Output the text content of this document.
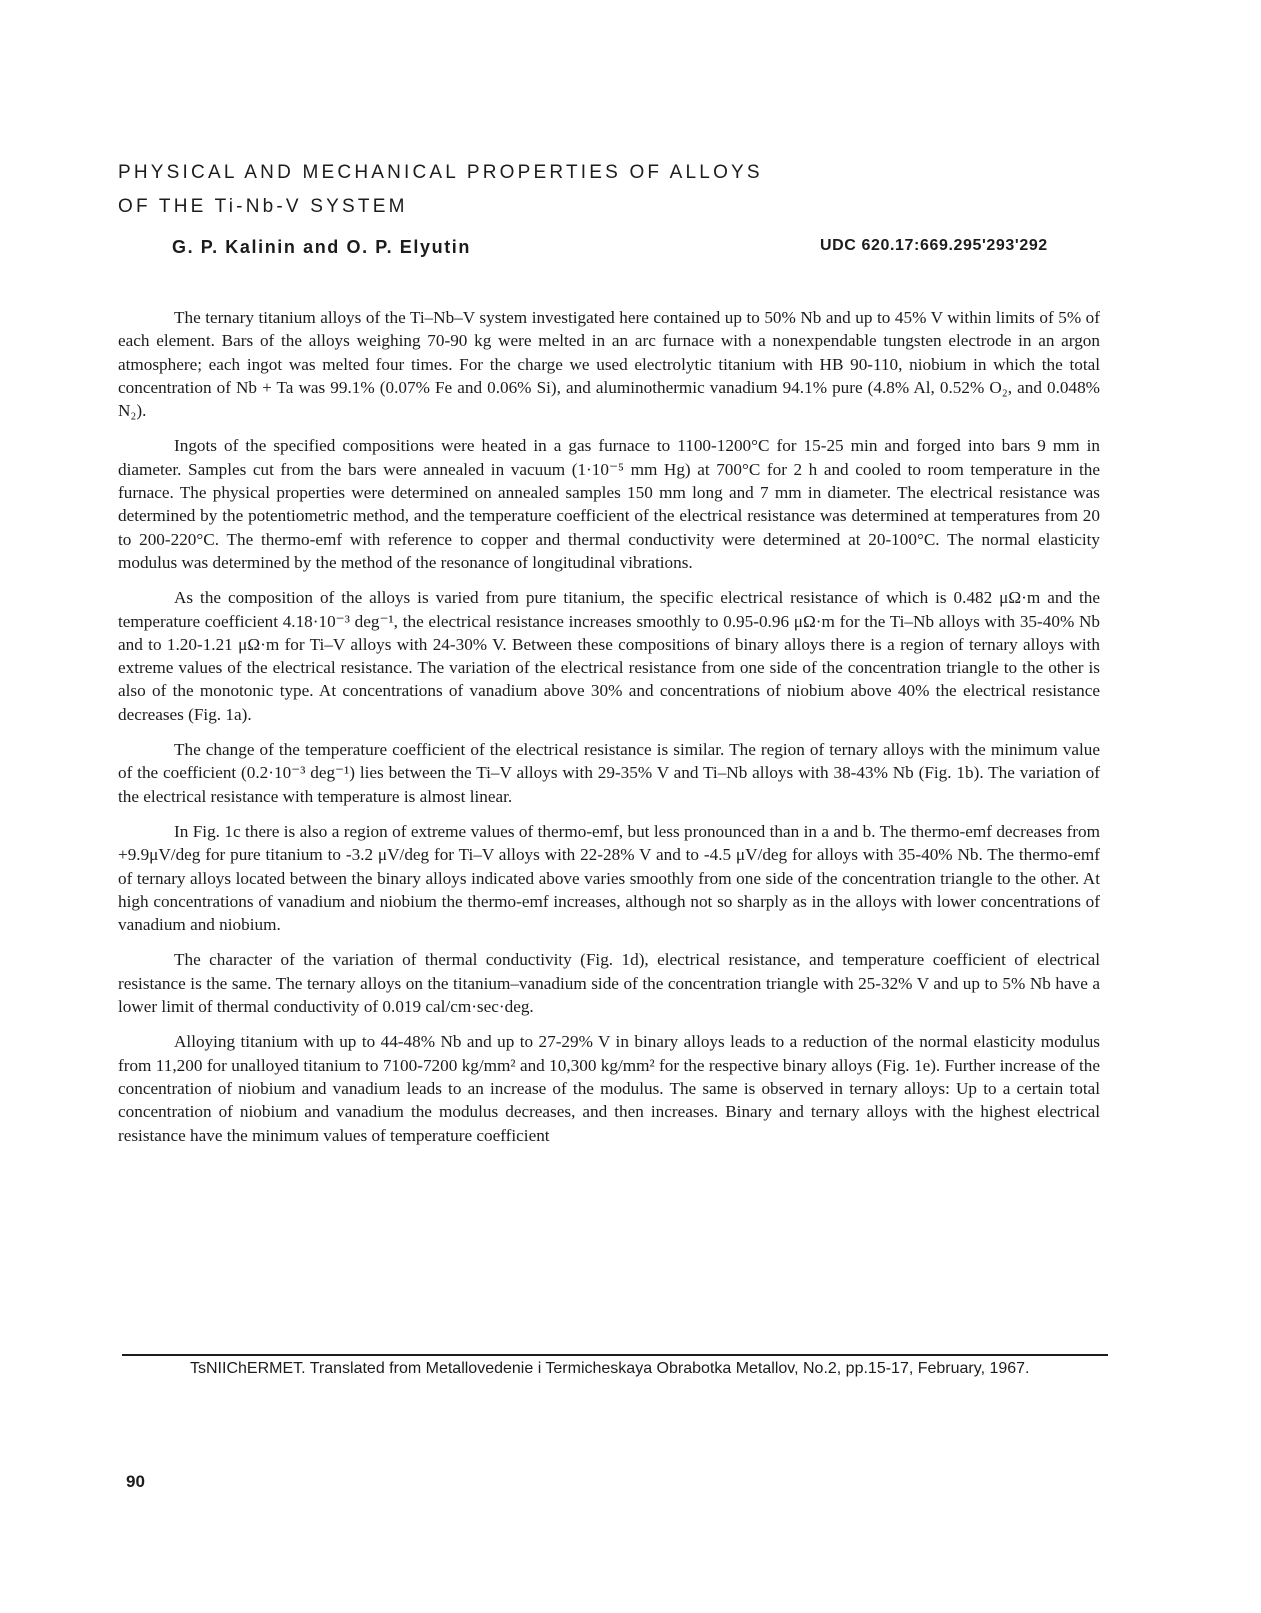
PHYSICAL AND MECHANICAL PROPERTIES OF ALLOYS
OF THE Ti-Nb-V SYSTEM
G. P. Kalinin and O. P. Elyutin	UDC 620.17:669.295'293'292

The ternary titanium alloys of the Ti–Nb–V system investigated here contained up to 50% Nb and up to 45% V within limits of 5% of each element. Bars of the alloys weighing 70-90 kg were melted in an arc furnace with a nonexpendable tungsten electrode in an argon atmosphere; each ingot was melted four times. For the charge we used electrolytic titanium with HB 90-110, niobium in which the total concentration of Nb + Ta was 99.1% (0.07% Fe and 0.06% Si), and aluminothermic vanadium 94.1% pure (4.8% Al, 0.52% O₂, and 0.048% N₂).

Ingots of the specified compositions were heated in a gas furnace to 1100-1200°C for 15-25 min and forged into bars 9 mm in diameter. Samples cut from the bars were annealed in vacuum (1·10⁻⁵ mm Hg) at 700°C for 2 h and cooled to room temperature in the furnace. The physical properties were determined on annealed samples 150 mm long and 7 mm in diameter. The electrical resistance was determined by the potentiometric method, and the temperature coefficient of the electrical resistance was determined at temperatures from 20 to 200-220°C. The thermo-emf with reference to copper and thermal conductivity were determined at 20-100°C. The normal elasticity modulus was determined by the method of the resonance of longitudinal vibrations.

As the composition of the alloys is varied from pure titanium, the specific electrical resistance of which is 0.482 μΩ·m and the temperature coefficient 4.18·10⁻³ deg⁻¹, the electrical resistance increases smoothly to 0.95-0.96 μΩ·m for the Ti–Nb alloys with 35-40% Nb and to 1.20-1.21 μΩ·m for Ti–V alloys with 24-30% V. Between these compositions of binary alloys there is a region of ternary alloys with extreme values of the electrical resistance. The variation of the electrical resistance from one side of the concentration triangle to the other is also of the monotonic type. At concentrations of vanadium above 30% and concentrations of niobium above 40% the electrical resistance decreases (Fig. 1a).

The change of the temperature coefficient of the electrical resistance is similar. The region of ternary alloys with the minimum value of the coefficient (0.2·10⁻³ deg⁻¹) lies between the Ti–V alloys with 29-35% V and Ti–Nb alloys with 38-43% Nb (Fig. 1b). The variation of the electrical resistance with temperature is almost linear.

In Fig. 1c there is also a region of extreme values of thermo-emf, but less pronounced than in a and b. The thermo-emf decreases from +9.9μV/deg for pure titanium to -3.2 μV/deg for Ti–V alloys with 22-28% V and to -4.5 μV/deg for alloys with 35-40% Nb. The thermo-emf of ternary alloys located between the binary alloys indicated above varies smoothly from one side of the concentration triangle to the other. At high concentrations of vanadium and niobium the thermo-emf increases, although not so sharply as in the alloys with lower concentrations of vanadium and niobium.

The character of the variation of thermal conductivity (Fig. 1d), electrical resistance, and temperature coefficient of electrical resistance is the same. The ternary alloys on the titanium–vanadium side of the concentration triangle with 25-32% V and up to 5% Nb have a lower limit of thermal conductivity of 0.019 cal/cm·sec·deg.

Alloying titanium with up to 44-48% Nb and up to 27-29% V in binary alloys leads to a reduction of the normal elasticity modulus from 11,200 for unalloyed titanium to 7100-7200 kg/mm² and 10,300 kg/mm² for the respective binary alloys (Fig. 1e). Further increase of the concentration of niobium and vanadium leads to an increase of the modulus. The same is observed in ternary alloys: Up to a certain total concentration of niobium and vanadium the modulus decreases, and then increases. Binary and ternary alloys with the highest electrical resistance have the minimum values of temperature coefficient

TsNIIChERMET. Translated from Metallovedenie i Termicheskaya Obrabotka Metallov, No.2, pp.15-17, February, 1967.

90
